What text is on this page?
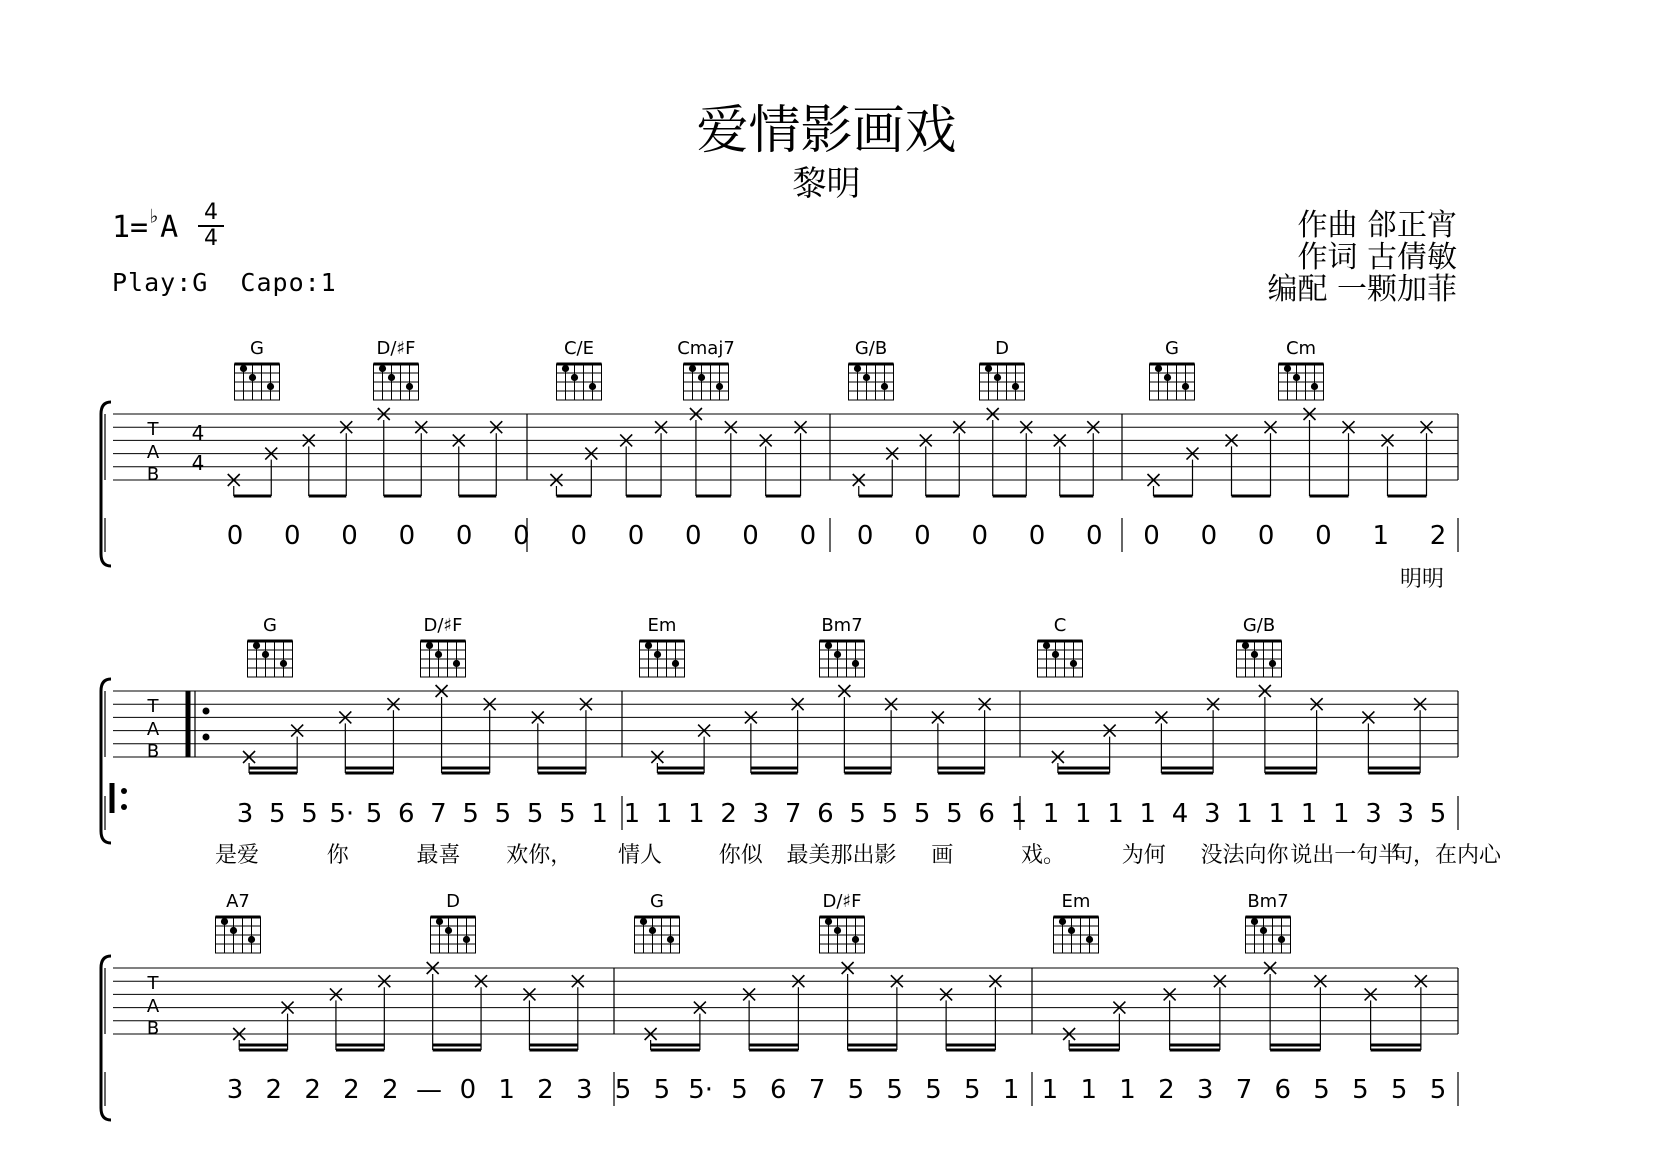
爱情影画戏
黎明
1=♭A 4
4
Play:G Capo:1
作曲 郃正宵
作词 古倩敏
编配 一颗加菲
T
A
B
4
4
G	D/♯F	C/E	Cmaj7	G/B	D	G	Cm
0 0 0 0 0 0 0 0 0 0 0 0 0 0 0 0 0 0 0 0 1 2
明明
T
A
B
G	D/♯F	Em	Bm7	C	G/B
3 5 5 5· 5 6 7 5 5 5 5 1 1 1 1 2 3 7 6 5 5 5 5 6 1 1 1 1 1 4 3 1 1 1 1 3 3 5
是爱	你	最喜 欢你， 情人	你似 最美那出影 画	戏。	为何 没法向你 说出一句半
句，在内心
T
A
B
A7	D	G	D/♯F	Em	Bm7
3 2 2 2 2 — 0 1 2 3 5 5 5· 5 6 7 5 5 5 5 1 1 1 1 2 3 7 6 5 5 5 5
